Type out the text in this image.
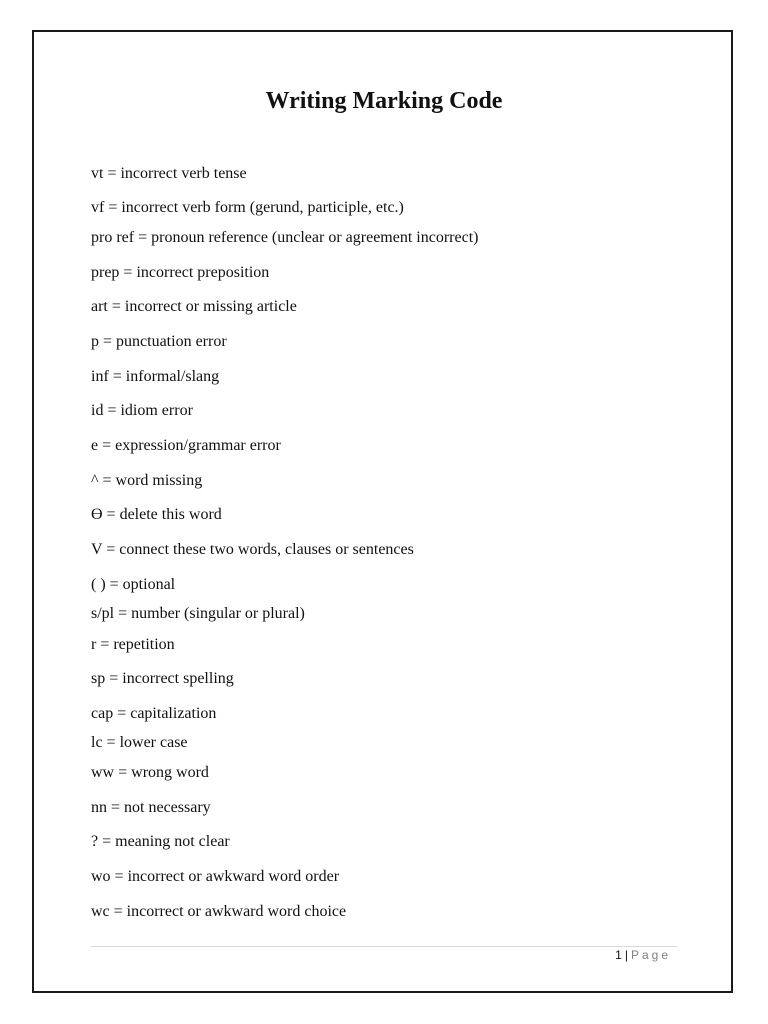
Writing Marking Code
vt = incorrect verb tense
vf = incorrect verb form (gerund, participle, etc.)
pro ref = pronoun reference (unclear or agreement incorrect)
prep = incorrect preposition
art = incorrect or missing article
p = punctuation error
inf = informal/slang
id = idiom error
e = expression/grammar error
^ = word missing
Ɵ = delete this word
V = connect these two words, clauses or sentences
( ) = optional
s/pl = number (singular or plural)
r = repetition
sp = incorrect spelling
cap = capitalization
lc = lower case
ww = wrong word
nn = not necessary
? = meaning not clear
wo = incorrect or awkward word order
wc = incorrect or awkward word choice
1 | Page
